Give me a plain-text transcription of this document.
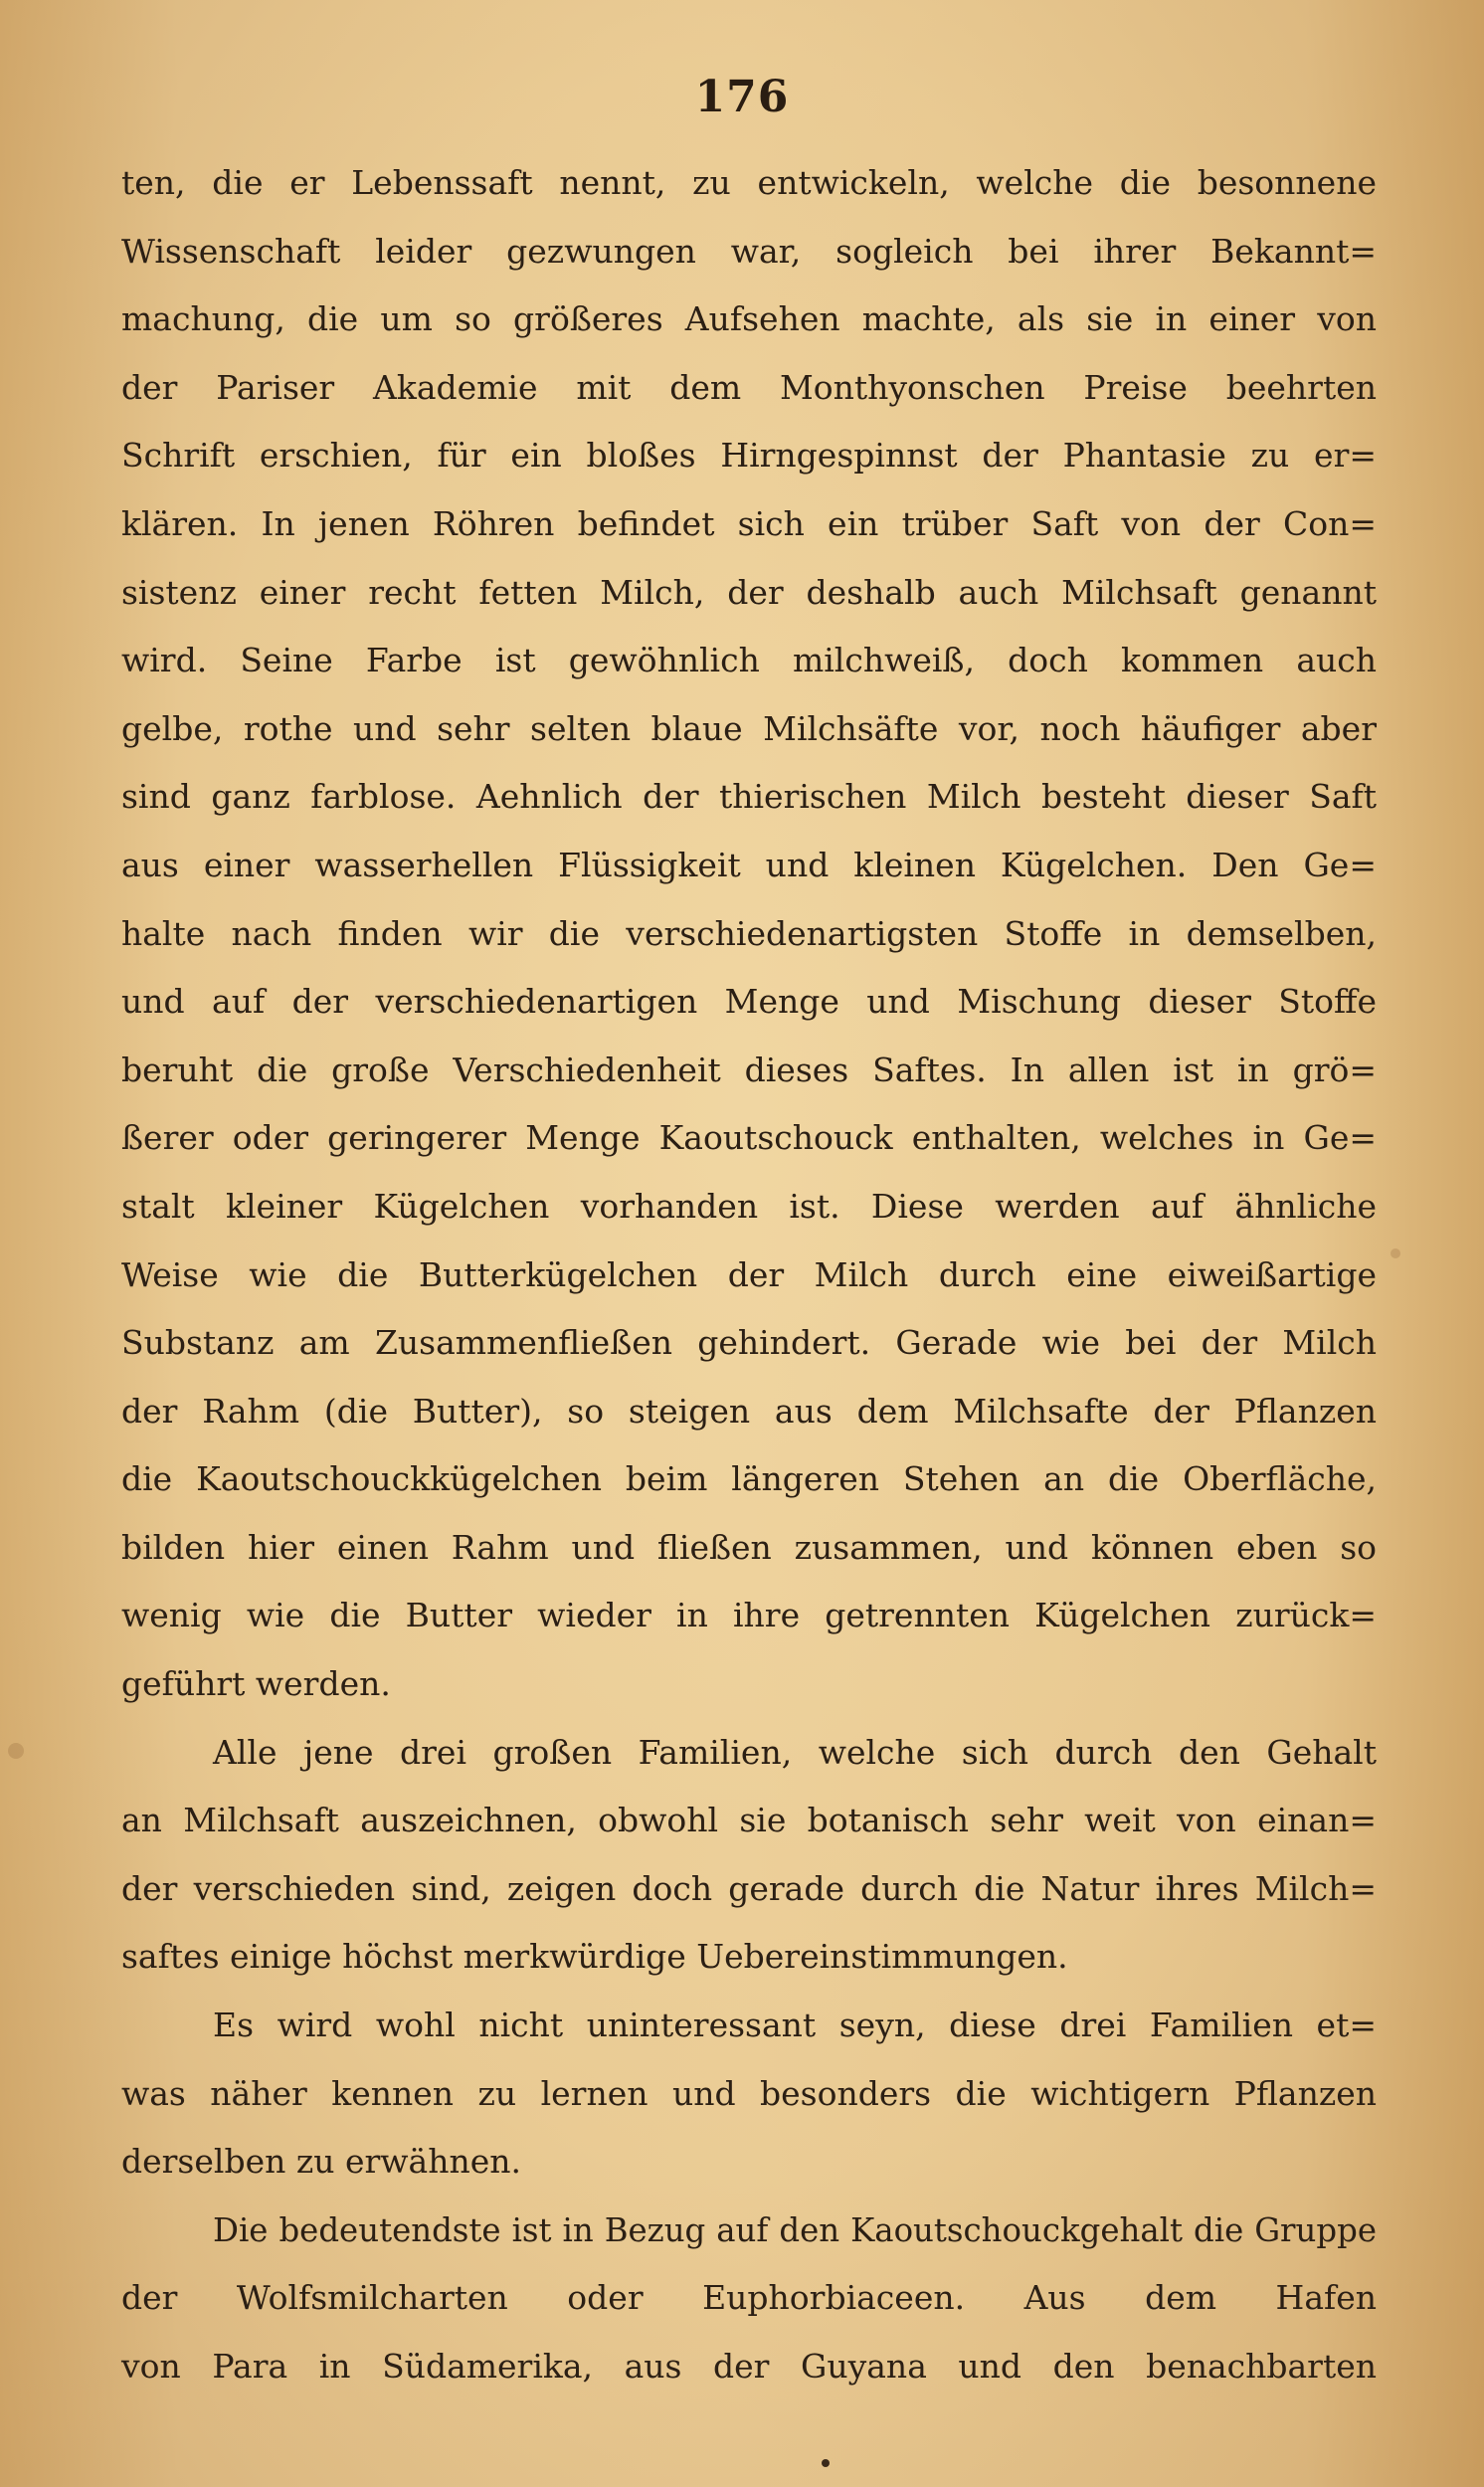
176
ten, die er Lebenssaft nennt, zu entwickeln, welche die besonnene
Wissenschaft leider gezwungen war, sogleich bei ihrer Bekannt=
machung, die um so größeres Aufsehen machte, als sie in einer von
der Pariser Akademie mit dem Monthyonschen Preise beehrten
Schrift erschien, für ein bloßes Hirngespinnst der Phantasie zu er=
klären. In jenen Röhren befindet sich ein trüber Saft von der Con=
sistenz einer recht fetten Milch, der deshalb auch Milchsaft genannt
wird. Seine Farbe ist gewöhnlich milchweiß, doch kommen auch
gelbe, rothe und sehr selten blaue Milchsäfte vor, noch häufiger aber
sind ganz farblose. Aehnlich der thierischen Milch besteht dieser Saft
aus einer wasserhellen Flüssigkeit und kleinen Kügelchen. Den Ge=
halte nach finden wir die verschiedenartigsten Stoffe in demselben,
und auf der verschiedenartigen Menge und Mischung dieser Stoffe
beruht die große Verschiedenheit dieses Saftes. In allen ist in grö=
ßerer oder geringerer Menge Kaoutschouck enthalten, welches in Ge=
stalt kleiner Kügelchen vorhanden ist. Diese werden auf ähnliche
Weise wie die Butterkügelchen der Milch durch eine eiweißartige
Substanz am Zusammenfließen gehindert. Gerade wie bei der Milch
der Rahm (die Butter), so steigen aus dem Milchsafte der Pflanzen
die Kaoutschouckkügelchen beim längeren Stehen an die Oberfläche,
bilden hier einen Rahm und fließen zusammen, und können eben so
wenig wie die Butter wieder in ihre getrennten Kügelchen zurück=
geführt werden.
Alle jene drei großen Familien, welche sich durch den Gehalt
an Milchsaft auszeichnen, obwohl sie botanisch sehr weit von einan=
der verschieden sind, zeigen doch gerade durch die Natur ihres Milch=
saftes einige höchst merkwürdige Uebereinstimmungen.
Es wird wohl nicht uninteressant seyn, diese drei Familien et=
was näher kennen zu lernen und besonders die wichtigern Pflanzen
derselben zu erwähnen.
Die bedeutendste ist in Bezug auf den Kaoutschouckgehalt die Gruppe
der Wolfsmilcharten oder Euphorbiaceen. Aus dem Hafen
von Para in Südamerika, aus der Guyana und den benachbarten
